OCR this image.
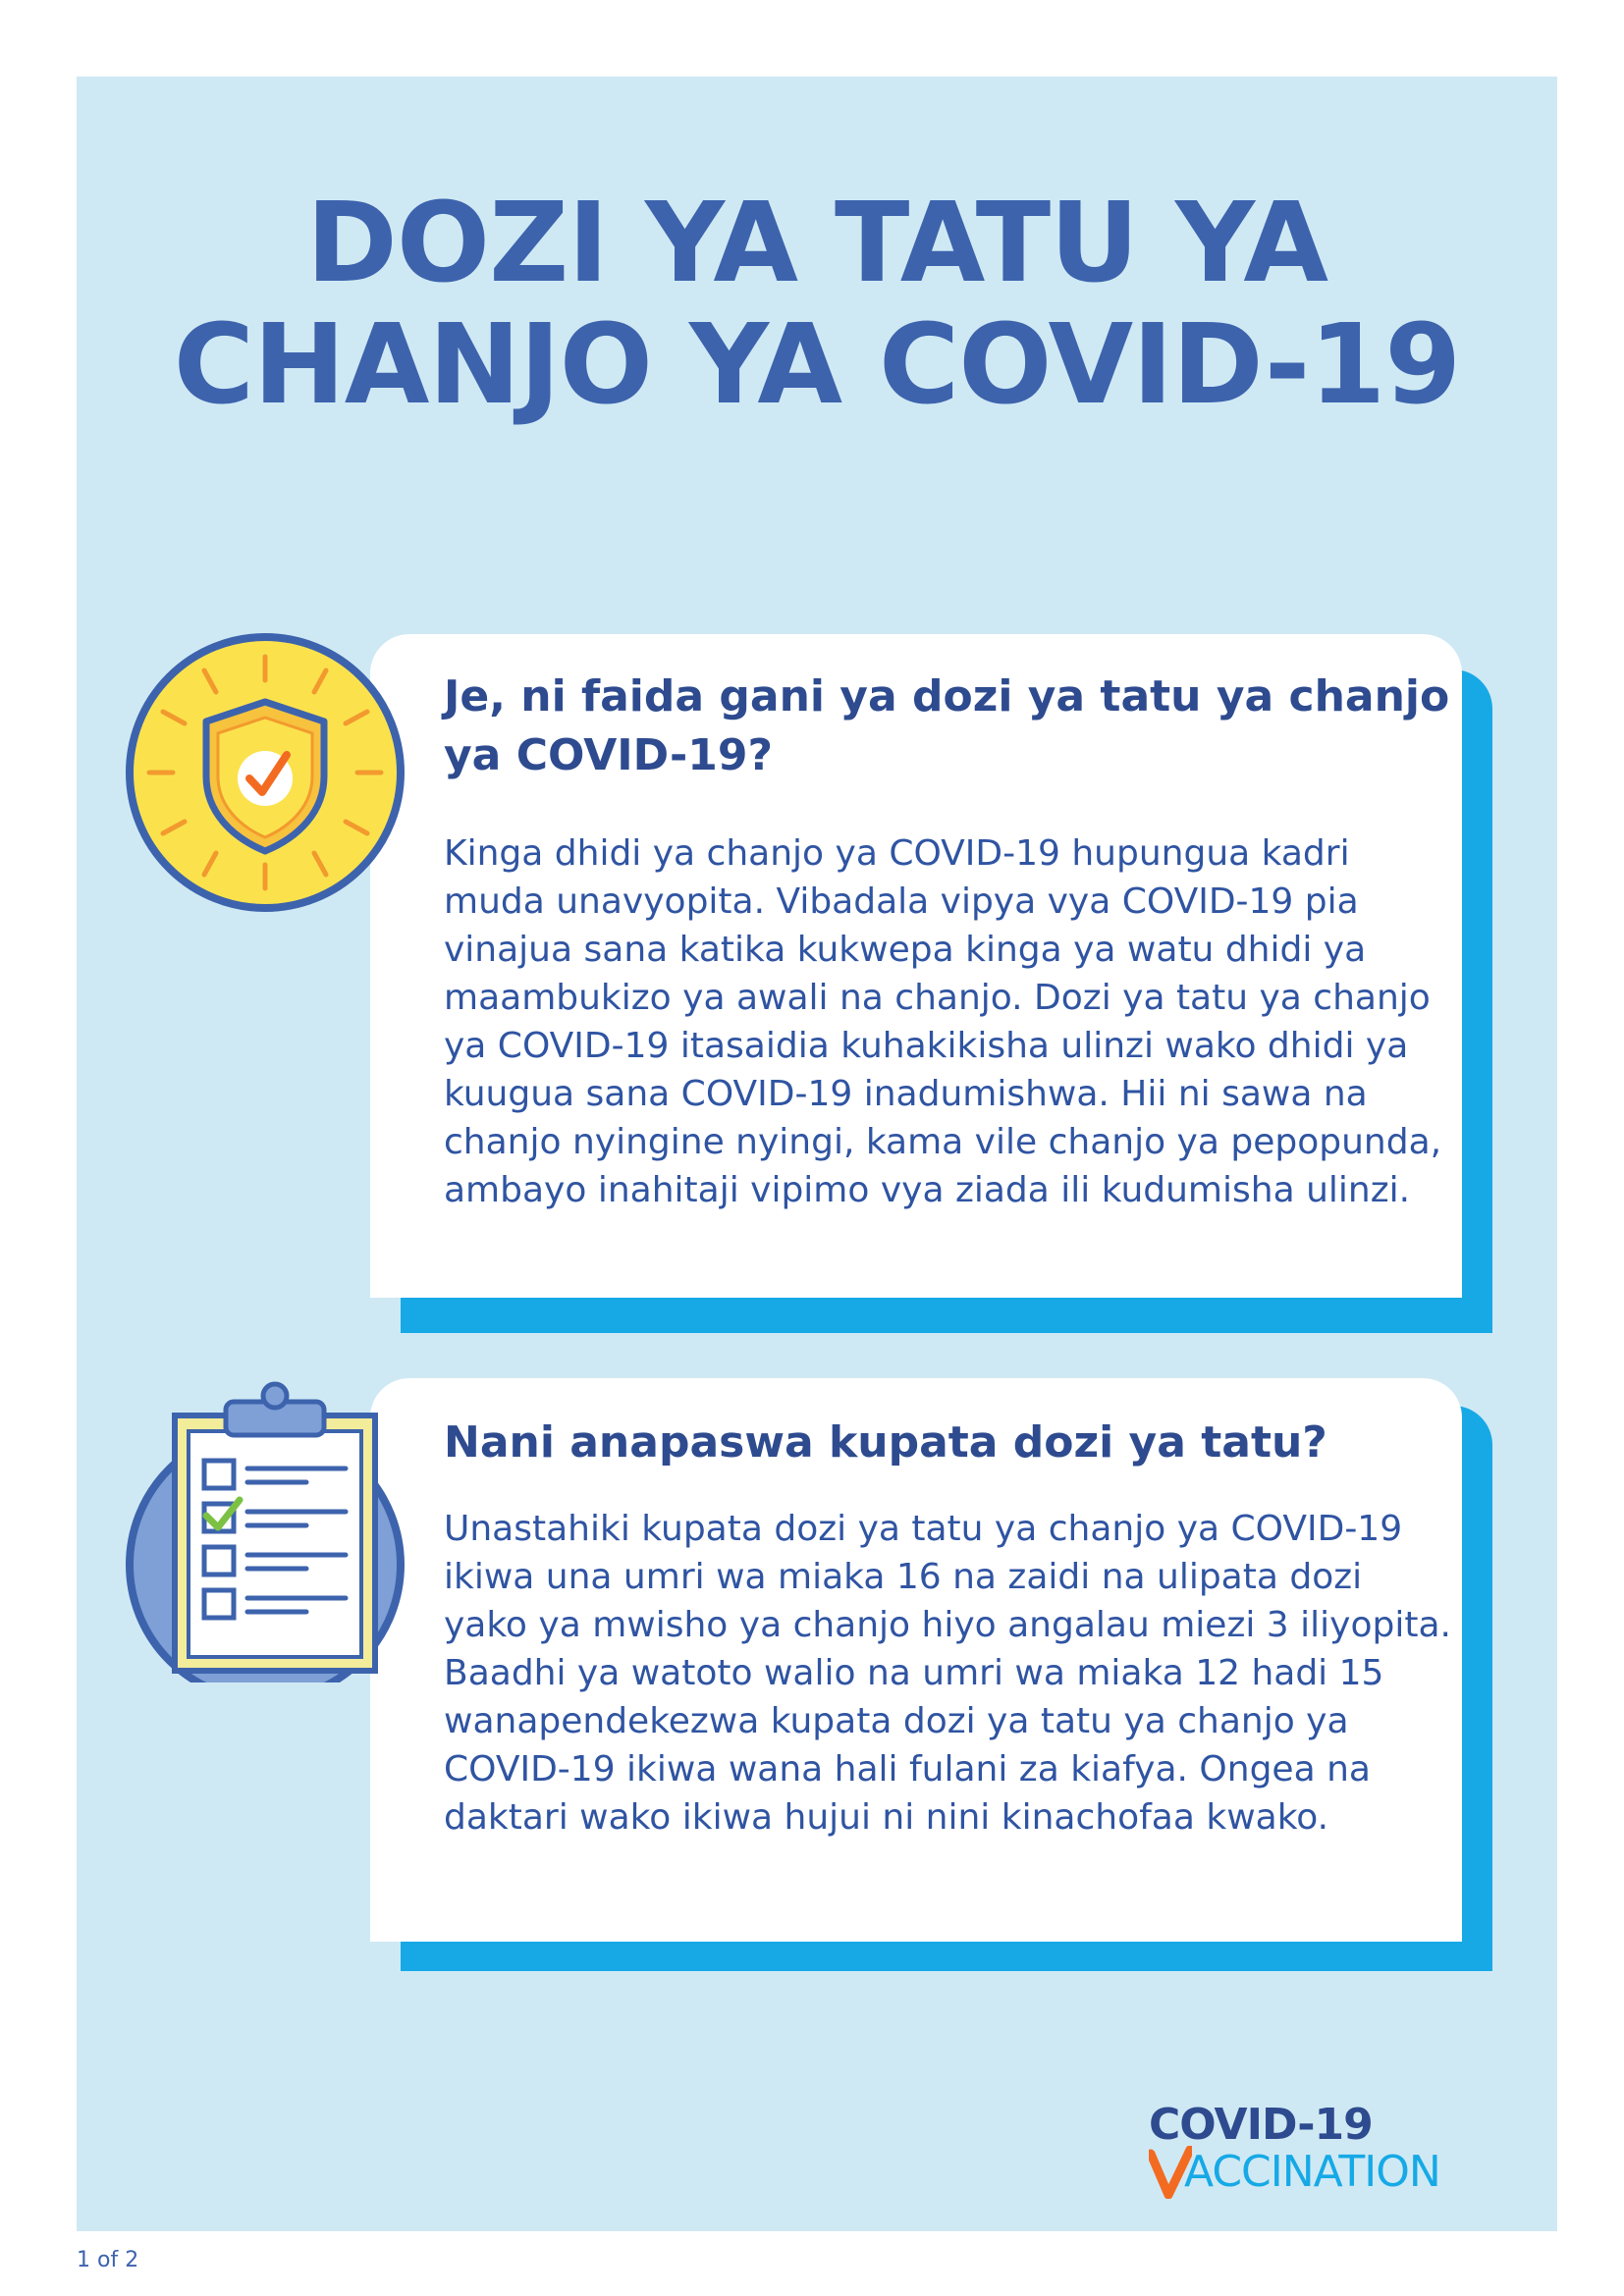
DOZI YA TATU YA
CHANJO YA COVID-19
Je, ni faida gani ya dozi ya tatu ya chanjo ya COVID-19?

Kinga dhidi ya chanjo ya COVID-19 hupungua kadri muda unavyopita. Vibadala vipya vya COVID-19 pia vinajua sana katika kukwepa kinga ya watu dhidi ya maambukizo ya awali na chanjo. Dozi ya tatu ya chanjo ya COVID-19 itasaidia kuhakikisha ulinzi wako dhidi ya kuugua sana COVID-19 inadumishwa. Hii ni sawa na chanjo nyingine nyingi, kama vile chanjo ya pepopunda, ambayo inahitaji vipimo vya ziada ili kudumisha ulinzi.

Nani anapaswa kupata dozi ya tatu?

Unastahiki kupata dozi ya tatu ya chanjo ya COVID-19 ikiwa una umri wa miaka 16 na zaidi na ulipata dozi yako ya mwisho ya chanjo hiyo angalau miezi 3 iliyopita. Baadhi ya watoto walio na umri wa miaka 12 hadi 15 wanapendekezwa kupata dozi ya tatu ya chanjo ya COVID-19 ikiwa wana hali fulani za kiafya. Ongea na daktari wako ikiwa hujui ni nini kinachofaa kwako.

COVID-19

ACCINATION

1 of 2
